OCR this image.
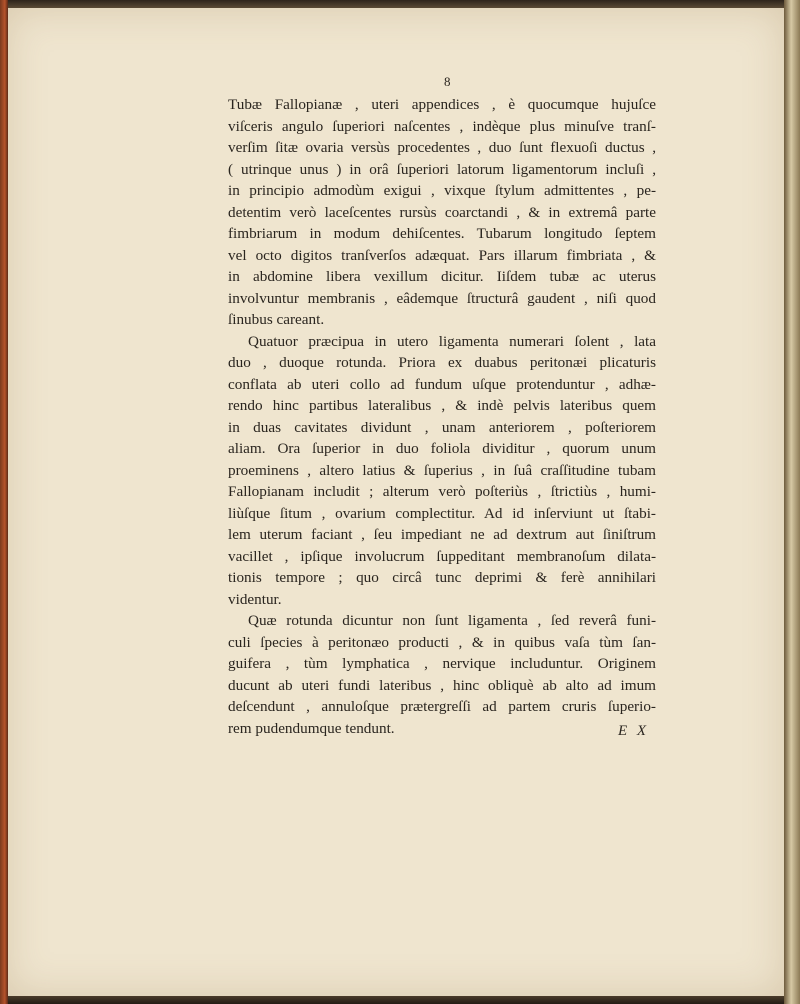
8
Tubæ Fallopianæ , uteri appendices , è quocumque hujuſce
viſceris angulo ſuperiori naſcentes , indèque plus minuſve tranſ-
verſim ſitæ ovaria versùs procedentes , duo ſunt flexuoſi ductus ,
( utrinque unus ) in orâ ſuperiori latorum ligamentorum incluſi ,
in principio admodùm exigui , vixque ſtylum admittentes , pe-
detentim verò laceſcentes rursùs coarctandi , & in extremâ parte
fimbriarum in modum dehiſcentes. Tubarum longitudo ſeptem
vel octo digitos tranſverſos adæquat. Pars illarum fimbriata , &
in abdomine libera vexillum dicitur. Iiſdem tubæ ac uterus
involvuntur membranis , eâdemque ſtructurâ gaudent , niſi quod
ſinubus careant.
Quatuor præcipua in utero ligamenta numerari ſolent , lata
duo , duoque rotunda. Priora ex duabus peritonæi plicaturis
conflata ab uteri collo ad fundum uſque protenduntur , adhæ-
rendo hinc partibus lateralibus , & indè pelvis lateribus quem
in duas cavitates dividunt , unam anteriorem , poſteriorem
aliam. Ora ſuperior in duo foliola dividitur , quorum unum
proeminens , altero latius & ſuperius , in ſuâ craſſitudine tubam
Fallopianam includit ; alterum verò poſteriùs , ſtrictiùs , humi-
liùſque ſitum , ovarium complectitur. Ad id inſerviunt ut ſtabi-
lem uterum faciant , ſeu impediant ne ad dextrum aut ſiniſtrum
vacillet , ipſique involucrum ſuppeditant membranoſum dilata-
tionis tempore ; quo circâ tunc deprimi & ferè annihilari
videntur.
Quæ rotunda dicuntur non ſunt ligamenta , ſed reverâ funi-
culi ſpecies à peritonæo producti , & in quibus vaſa tùm ſan-
guifera , tùm lymphatica , nervique includuntur. Originem
ducunt ab uteri fundi lateribus , hinc obliquè ab alto ad imum
deſcendunt , annuloſque prætergreſſi ad partem cruris ſuperio-
rem pudendumque tendunt.	E X
